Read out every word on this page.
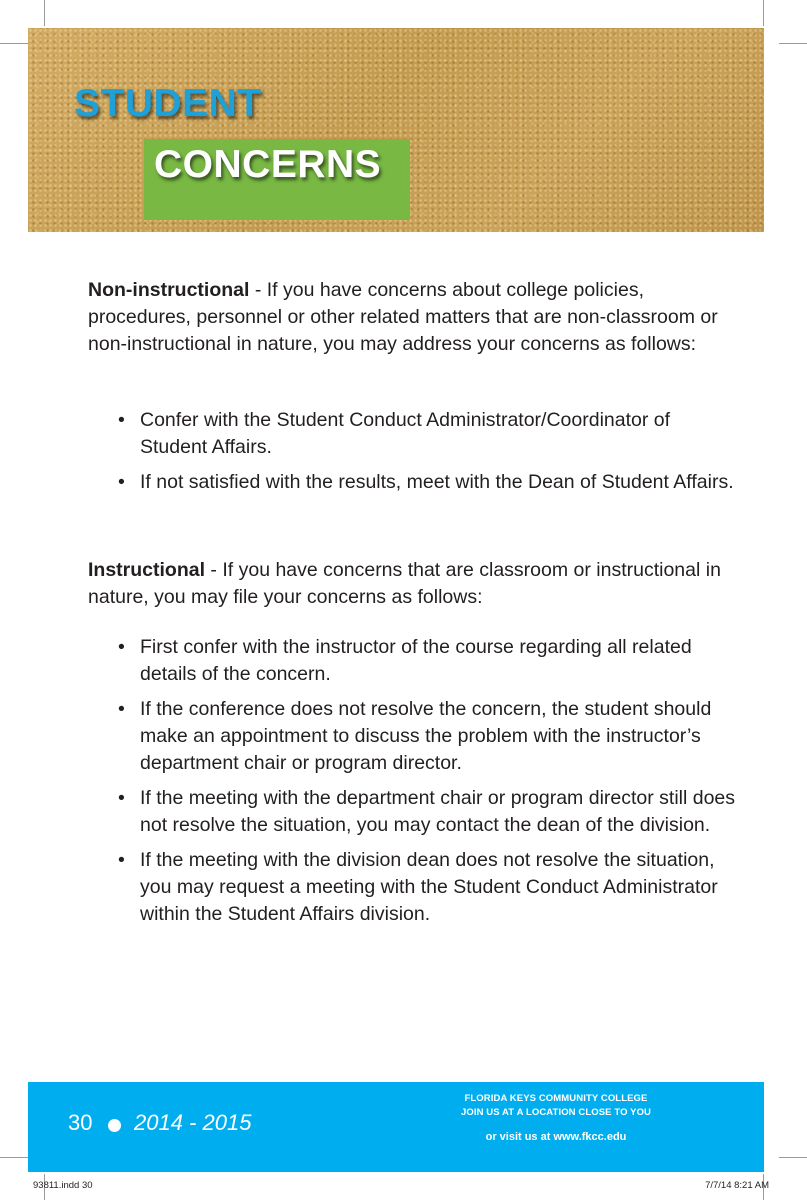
STUDENT
CONCERNS

Non-instructional - If you have concerns about college policies, procedures, personnel or other related matters that are non-classroom or non-instructional in nature, you may address your concerns as follows:

• Confer with the Student Conduct Administrator/Coordinator of Student Affairs.
• If not satisfied with the results, meet with the Dean of Student Affairs.

Instructional - If you have concerns that are classroom or instructional in nature, you may file your concerns as follows:

• First confer with the instructor of the course regarding all related details of the concern.
• If the conference does not resolve the concern, the student should make an appointment to discuss the problem with the instructor’s department chair or program director.
• If the meeting with the department chair or program director still does not resolve the situation, you may contact the dean of the division.
• If the meeting with the division dean does not resolve the situation, you may request a meeting with the Student Conduct Administrator within the Student Affairs division.

30 2014 - 2015

FLORIDA KEYS COMMUNITY COLLEGE
JOIN US AT A LOCATION CLOSE TO YOU
or visit us at www.fkcc.edu
93811.indd 30	7/7/14 8:21 AM
